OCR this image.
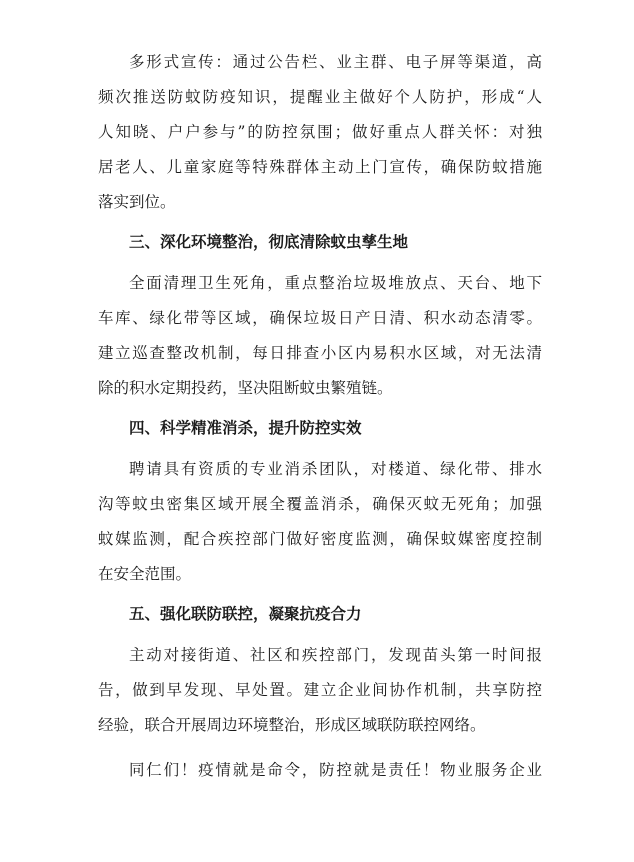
多形式宣传：通过公告栏、业主群、电子屏等渠道，高

频次推送防蚊防疫知识，提醒业主做好个人防护，形成“人

人知晓、户户参与”的防控氛围；做好重点人群关怀：对独

居老人、儿童家庭等特殊群体主动上门宣传，确保防蚊措施

落实到位。

三、深化环境整治，彻底清除蚊虫孳生地

全面清理卫生死角，重点整治垃圾堆放点、天台、地下

车库、绿化带等区域，确保垃圾日产日清、积水动态清零。

建立巡查整改机制，每日排查小区内易积水区域，对无法清

除的积水定期投药，坚决阻断蚊虫繁殖链。

四、科学精准消杀，提升防控实效

聘请具有资质的专业消杀团队，对楼道、绿化带、排水

沟等蚊虫密集区域开展全覆盖消杀，确保灭蚊无死角；加强

蚊媒监测，配合疾控部门做好密度监测，确保蚊媒密度控制

在安全范围。

五、强化联防联控，凝聚抗疫合力

主动对接街道、社区和疾控部门，发现苗头第一时间报

告，做到早发现、早处置。建立企业间协作机制，共享防控

经验，联合开展周边环境整治，形成区域联防联控网络。

同仁们！疫情就是命令，防控就是责任！物业服务企业
